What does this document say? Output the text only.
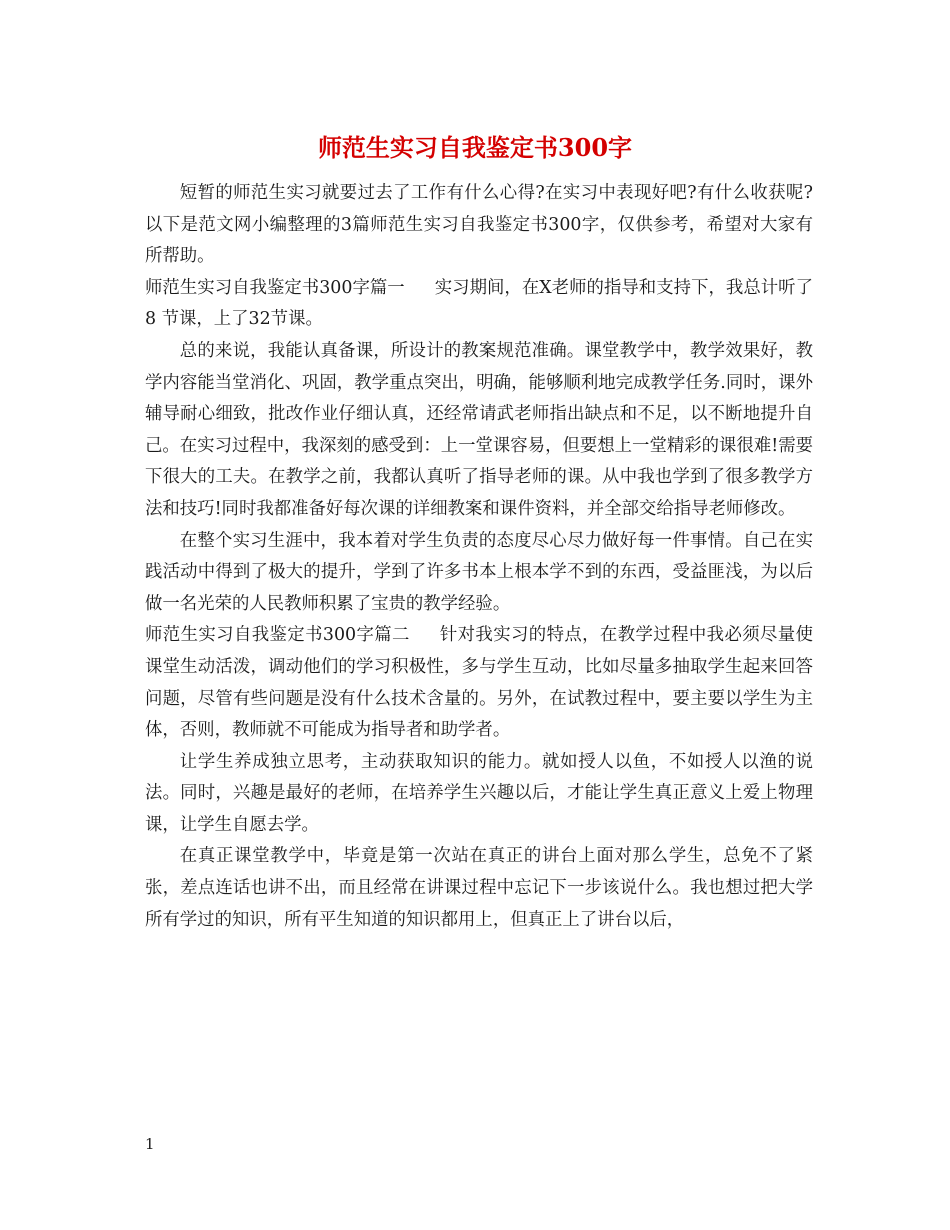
师范生实习自我鉴定书300字

短暂的师范生实习就要过去了工作有什么心得?在实习中表现好吧?有什么收获呢?以下是范文网小编整理的3篇师范生实习自我鉴定书300字，仅供参考，希望对大家有所帮助。

师范生实习自我鉴定书300字篇一 实习期间，在X老师的指导和支持下，我总计听了8 节课，上了32节课。

总的来说，我能认真备课，所设计的教案规范准确。课堂教学中，教学效果好，教学内容能当堂消化、巩固，教学重点突出，明确，能够顺利地完成教学任务.同时，课外辅导耐心细致，批改作业仔细认真，还经常请武老师指出缺点和不足，以不断地提升自己。在实习过程中，我深刻的感受到：上一堂课容易，但要想上一堂精彩的课很难!需要下很大的工夫。在教学之前，我都认真听了指导老师的课。从中我也学到了很多教学方法和技巧!同时我都准备好每次课的详细教案和课件资料，并全部交给指导老师修改。

在整个实习生涯中，我本着对学生负责的态度尽心尽力做好每一件事情。自己在实践活动中得到了极大的提升，学到了许多书本上根本学不到的东西，受益匪浅，为以后做一名光荣的人民教师积累了宝贵的教学经验。

师范生实习自我鉴定书300字篇二 针对我实习的特点，在教学过程中我必须尽量使课堂生动活泼，调动他们的学习积极性，多与学生互动，比如尽量多抽取学生起来回答问题，尽管有些问题是没有什么技术含量的。另外，在试教过程中，要主要以学生为主体，否则，教师就不可能成为指导者和助学者。

让学生养成独立思考，主动获取知识的能力。就如授人以鱼，不如授人以渔的说法。同时，兴趣是最好的老师，在培养学生兴趣以后，才能让学生真正意义上爱上物理课，让学生自愿去学。

在真正课堂教学中，毕竟是第一次站在真正的讲台上面对那么学生，总免不了紧张，差点连话也讲不出，而且经常在讲课过程中忘记下一步该说什么。我也想过把大学所有学过的知识，所有平生知道的知识都用上，但真正上了讲台以后，

1
